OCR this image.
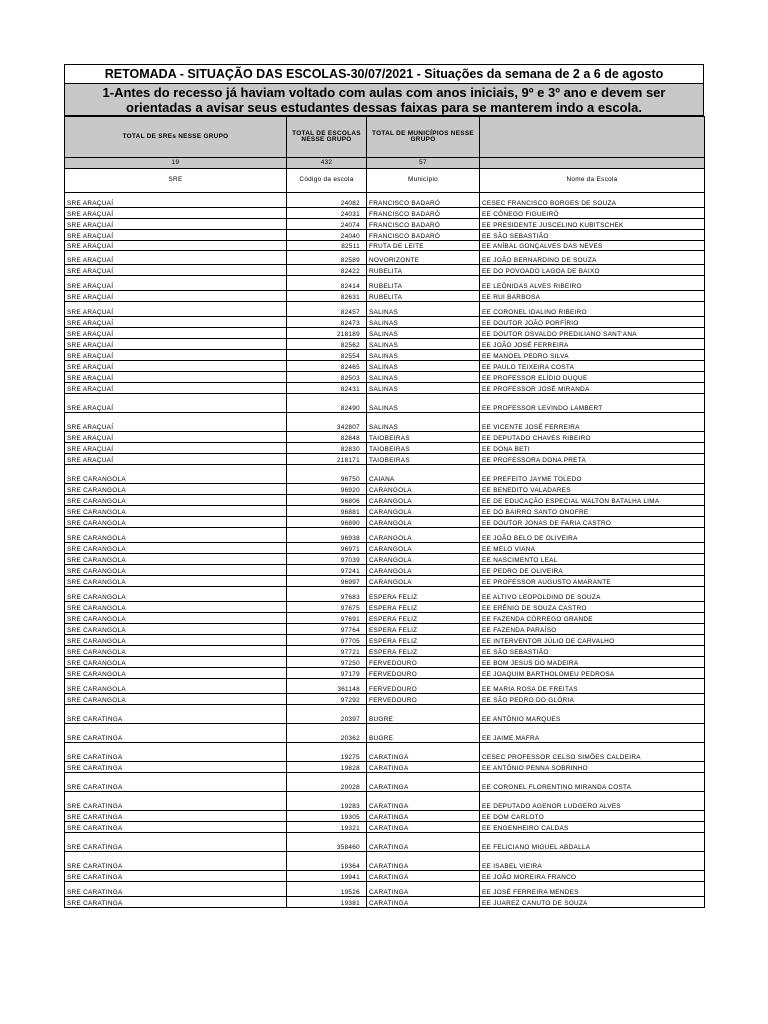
RETOMADA - SITUAÇÃO DAS ESCOLAS-30/07/2021 - Situações da semana de 2 a 6 de agosto
1-Antes do recesso já haviam voltado com aulas com anos iniciais, 9º e 3º ano e devem ser
orientadas a avisar seus estudantes dessas faixas para se manterem indo a escola.
TOTAL DE SREs NESSE GRUPO	TOTAL DE ESCOLAS NESSE GRUPO	TOTAL DE MUNICÍPIOS NESSE GRUPO	
19	432	57	
SRE	Código da escola	Município	Nome da Escola
SRE ARAÇUAÍ	24082	FRANCISCO BADARÓ	CESEC FRANCISCO BORGES DE SOUZA
SRE ARAÇUAÍ	24031	FRANCISCO BADARÓ	EE CÔNEGO FIGUEIRÓ
SRE ARAÇUAÍ	24074	FRANCISCO BADARÓ	EE PRESIDENTE JUSCELINO KUBITSCHEK
SRE ARAÇUAÍ	24040	FRANCISCO BADARÓ	EE SÃO SEBASTIÃO
SRE ARAÇUAÍ	82511	FRUTA DE LEITE	EE ANÍBAL GONÇALVES DAS NEVES
SRE ARAÇUAÍ	82589	NOVORIZONTE	EE JOÃO BERNARDINO DE SOUZA
SRE ARAÇUAÍ	82422	RUBELITA	EE DO POVOADO LAGOA DE BAIXO
SRE ARAÇUAÍ	82414	RUBELITA	EE LEÔNIDAS ALVES RIBEIRO
SRE ARAÇUAÍ	82631	RUBELITA	EE RUI BARBOSA
SRE ARAÇUAÍ	82457	SALINAS	EE CORONEL IDALINO RIBEIRO
SRE ARAÇUAÍ	82473	SALINAS	EE DOUTOR JOÃO PORFÍRIO
SRE ARAÇUAÍ	218189	SALINAS	EE DOUTOR OSVALDO PREDILIANO SANT'ANA
SRE ARAÇUAÍ	82562	SALINAS	EE JOÃO JOSÉ FERREIRA
SRE ARAÇUAÍ	82554	SALINAS	EE MANOEL PEDRO SILVA
SRE ARAÇUAÍ	82465	SALINAS	EE PAULO TEIXEIRA COSTA
SRE ARAÇUAÍ	82503	SALINAS	EE PROFESSOR ELÍDIO DUQUE
SRE ARAÇUAÍ	82431	SALINAS	EE PROFESSOR JOSÉ MIRANDA
SRE ARAÇUAÍ	82490	SALINAS	EE PROFESSOR LEVINDO LAMBERT
SRE ARAÇUAÍ	342807	SALINAS	EE VICENTE JOSÉ FERREIRA
SRE ARAÇUAÍ	82848	TAIOBEIRAS	EE DEPUTADO CHAVES RIBEIRO
SRE ARAÇUAÍ	82830	TAIOBEIRAS	EE DONA BETI
SRE ARAÇUAÍ	218171	TAIOBEIRAS	EE PROFESSORA DONA PRETA
SRE CARANGOLA	96750	CAIANA	EE PREFEITO JAYME TOLEDO
SRE CARANGOLA	96920	CARANGOLA	EE BENEDITO VALADARES
SRE CARANGOLA	96806	CARANGOLA	EE DE EDUCAÇÃO ESPECIAL WALTON BATALHA LIMA
SRE CARANGOLA	96881	CARANGOLA	EE DO BAIRRO SANTO ONOFRE
SRE CARANGOLA	96890	CARANGOLA	EE DOUTOR JONAS DE FARIA CASTRO
SRE CARANGOLA	96938	CARANGOLA	EE JOÃO BELO DE OLIVEIRA
SRE CARANGOLA	96971	CARANGOLA	EE MELO VIANA
SRE CARANGOLA	97039	CARANGOLA	EE NASCIMENTO LEAL
SRE CARANGOLA	97241	CARANGOLA	EE PEDRO DE OLIVEIRA
SRE CARANGOLA	96997	CARANGOLA	EE PROFESSOR AUGUSTO AMARANTE
SRE CARANGOLA	97683	ESPERA FELIZ	EE ALTIVO LEOPOLDINO DE SOUZA
SRE CARANGOLA	97675	ESPERA FELIZ	EE ERÊNIO DE SOUZA CASTRO
SRE CARANGOLA	97691	ESPERA FELIZ	EE FAZENDA CÓRREGO GRANDE
SRE CARANGOLA	97764	ESPERA FELIZ	EE FAZENDA PARAÍSO
SRE CARANGOLA	97705	ESPERA FELIZ	EE INTERVENTOR JÚLIO DE CARVALHO
SRE CARANGOLA	97721	ESPERA FELIZ	EE SÃO SEBASTIÃO
SRE CARANGOLA	97250	FERVEDOURO	EE BOM JESUS DO MADEIRA
SRE CARANGOLA	97179	FERVEDOURO	EE JOAQUIM BARTHOLOMEU PEDROSA
SRE CARANGOLA	361148	FERVEDOURO	EE MARIA ROSA DE FREITAS
SRE CARANGOLA	97292	FERVEDOURO	EE SÃO PEDRO DO GLÓRIA
SRE CARATINGA	20397	BUGRE	EE ANTÔNIO MARQUES
SRE CARATINGA	20362	BUGRE	EE JAIME MAFRA
SRE CARATINGA	19275	CARATINGA	CESEC PROFESSOR CELSO SIMÕES CALDEIRA
SRE CARATINGA	19828	CARATINGA	EE ANTÔNIO PENNA SOBRINHO
SRE CARATINGA	20028	CARATINGA	EE CORONEL FLORENTINO MIRANDA COSTA
SRE CARATINGA	19283	CARATINGA	EE DEPUTADO AGENOR LUDGERO ALVES
SRE CARATINGA	19305	CARATINGA	EE DOM CARLOTO
SRE CARATINGA	19321	CARATINGA	EE ENGENHEIRO CALDAS
SRE CARATINGA	358460	CARATINGA	EE FELICIANO MIGUEL ABDALLA
SRE CARATINGA	19364	CARATINGA	EE ISABEL VIEIRA
SRE CARATINGA	19941	CARATINGA	EE JOÃO MOREIRA FRANCO
SRE CARATINGA	19526	CARATINGA	EE JOSÉ FERREIRA MENDES
SRE CARATINGA	19381	CARATINGA	EE JUAREZ CANUTO DE SOUZA
